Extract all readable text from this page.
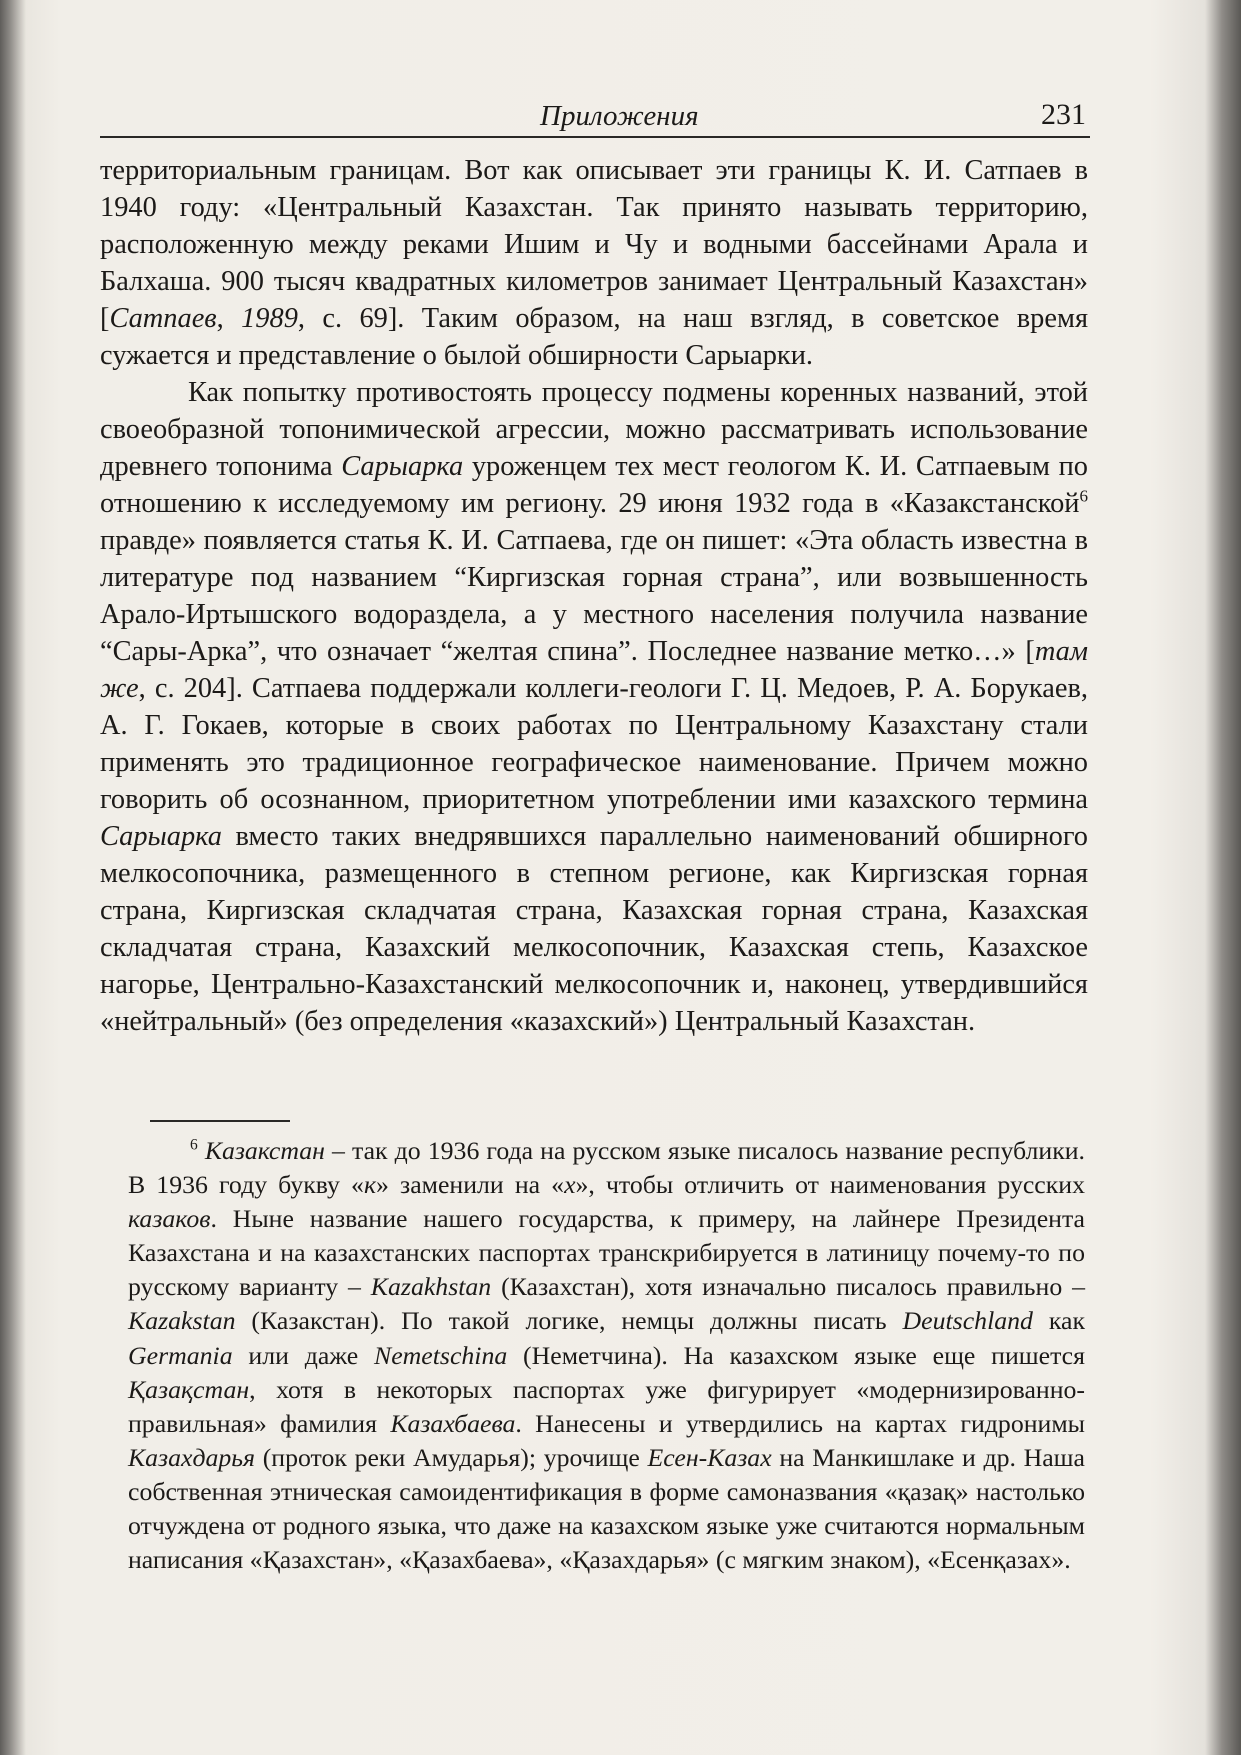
Приложения	231

территориальным границам. Вот как описывает эти границы К. И. Сатпаев в 1940 году: «Центральный Казахстан. Так принято называть территорию, расположенную между реками Ишим и Чу и водными бассейнами Арала и Балхаша. 900 тысяч квадратных километров занимает Центральный Казахстан» [Сатпаев, 1989, с. 69]. Таким образом, на наш взгляд, в советское время сужается и представление о былой обширности Сарыарки.

Как попытку противостоять процессу подмены коренных названий, этой своеобразной топонимической агрессии, можно рассматривать использование древнего топонима Сарыарка уроженцем тех мест геологом К. И. Сатпаевым по отношению к исследуемому им региону. 29 июня 1932 года в «Казакстанской$^6$ правде» появляется статья К. И. Сатпаева, где он пишет: «Эта область известна в литературе под названием “Киргизская горная страна”, или возвышенность Арало-Иртышского водораздела, а у местного населения получила название “Сары-Арка”, что означает “желтая спина”. Последнее название метко…» [там же, с. 204]. Сатпаева поддержали коллеги-геологи Г. Ц. Медоев, Р. А. Борукаев, А. Г. Гокаев, которые в своих работах по Центральному Казахстану стали применять это традиционное географическое наименование. Причем можно говорить об осознанном, приоритетном употреблении ими казахского термина Сарыарка вместо таких внедрявшихся параллельно наименований обширного мелкосопочника, размещенного в степном регионе, как Киргизская горная страна, Киргизская складчатая страна, Казахская горная страна, Казахская складчатая страна, Казахский мелкосопочник, Казахская степь, Казахское нагорье, Центрально-Казахстанский мелкосопочник и, наконец, утвердившийся «нейтральный» (без определения «казахский») Центральный Казахстан.

$^6$ Казакстан – так до 1936 года на русском языке писалось название республики. В 1936 году букву «к» заменили на «х», чтобы отличить от наименования русских казаков. Ныне название нашего государства, к примеру, на лайнере Президента Казахстана и на казахстанских паспортах транскрибируется в латиницу почему-то по русскому варианту – Kazakhstan (Казахстан), хотя изначально писалось правильно – Kazakstan (Казакстан). По такой логике, немцы должны писать Deutschland как Germania или даже Nemetschina (Неметчина). На казахском языке еще пишется Қазақстан, хотя в некоторых паспортах уже фигурирует «модернизированно-правильная» фамилия Казахбаева. Нанесены и утвердились на картах гидронимы Казахдарья (проток реки Амударья); урочище Есен-Казах на Манкишлаке и др. Наша собственная этническая самоидентификация в форме самоназвания «қазақ» настолько отчуждена от родного языка, что даже на казахском языке уже считаются нормальным написания «Қазахстан», «Қазахбаева», «Қазахдарья» (с мягким знаком), «Есенқазах».
